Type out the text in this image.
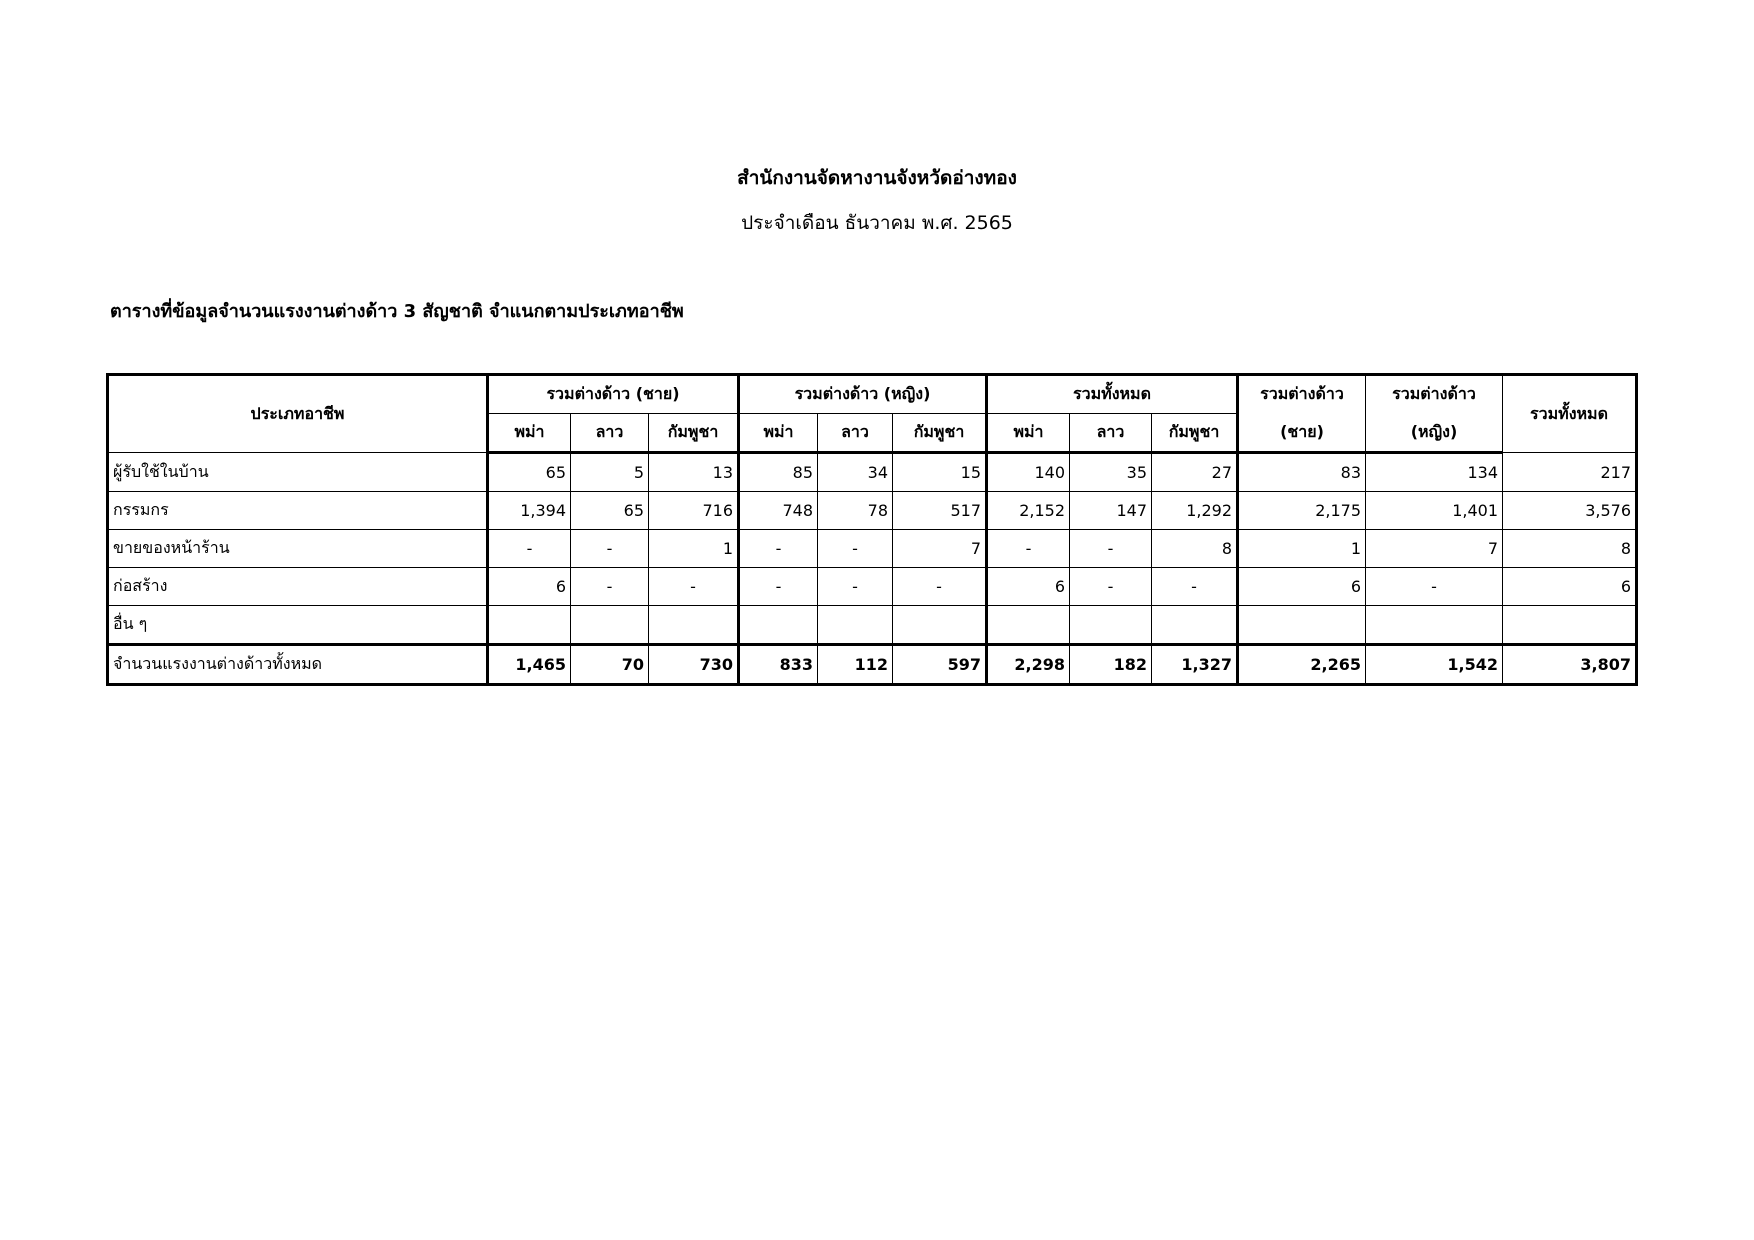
สำนักงานจัดหางานจังหวัดอ่างทอง
ประจำเดือน ธันวาคม พ.ศ. 2565
ตารางที่ข้อมูลจำนวนแรงงานต่างด้าว 3 สัญชาติ จำแนกตามประเภทอาชีพ
ประเภทอาชีพ	รวมต่างด้าว (ชาย)			รวมต่างด้าว (หญิง)			รวมทั้งหมด			รวมต่างด้าว	รวมต่างด้าว	รวมทั้งหมด
	พม่า	ลาว	กัมพูชา	พม่า	ลาว	กัมพูชา	พม่า	ลาว	กัมพูชา	(ชาย)	(หญิง)	
ผู้รับใช้ในบ้าน	65	5	13	85	34	15	140	35	27	83	134	217
กรรมกร	1,394	65	716	748	78	517	2,152	147	1,292	2,175	1,401	3,576
ขายของหน้าร้าน	-	-	1	-	-	7	-	-	8	1	7	8
ก่อสร้าง	6	-	-	-	-	-	6	-	-	6	-	6
อื่น ๆ												
จำนวนแรงงานต่างด้าวทั้งหมด	1,465	70	730	833	112	597	2,298	182	1,327	2,265	1,542	3,807
